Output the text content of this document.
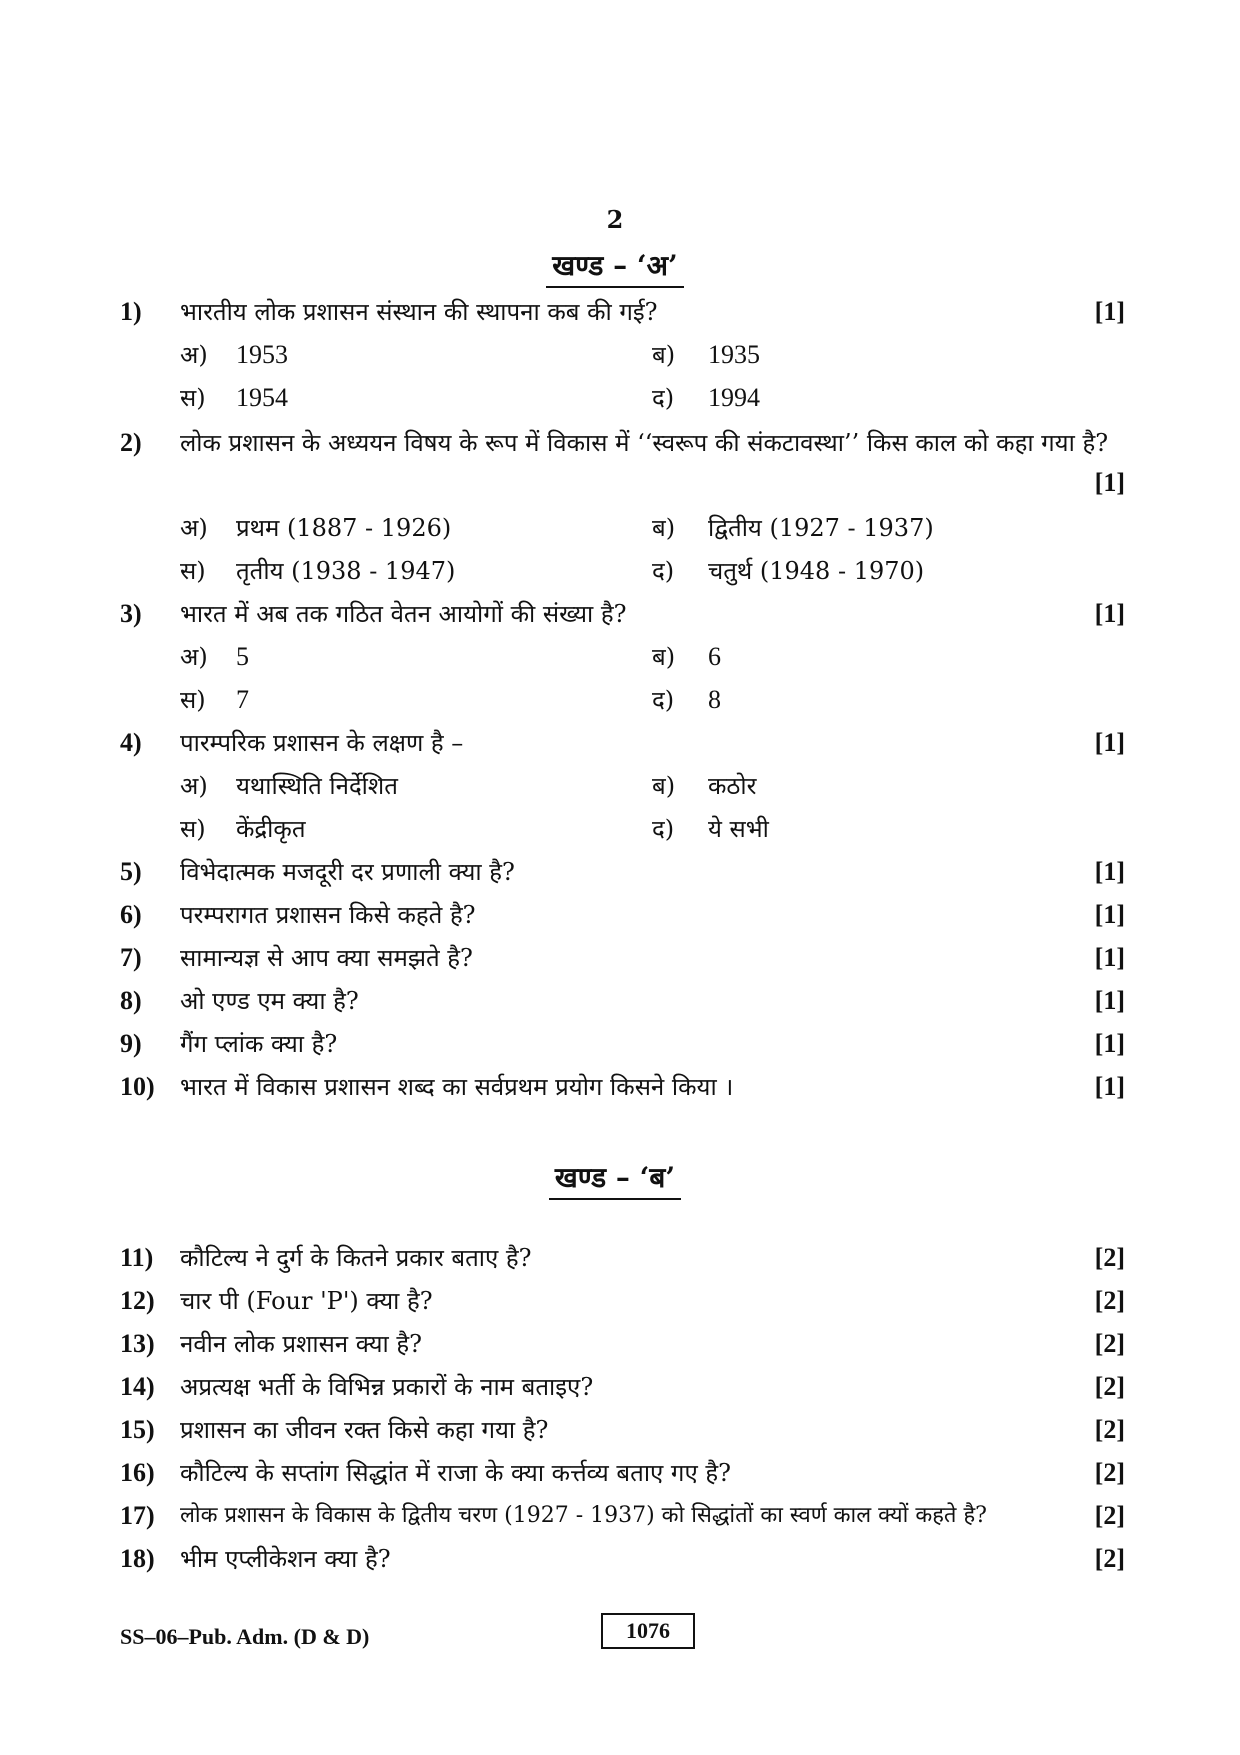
2
खण्ड – ‘अ’
1) भारतीय लोक प्रशासन संस्थान की स्थापना कब की गई?	[1]
अ) 1953	ब) 1935
स) 1954	द) 1994
2) लोक प्रशासन के अध्ययन विषय के रूप में विकास में ‘‘स्वरूप की संकटावस्था’’ किस काल को कहा गया है?
[1]
अ) प्रथम (1887 - 1926)	ब) द्वितीय (1927 - 1937)
स) तृतीय (1938 - 1947)	द) चतुर्थ (1948 - 1970)
3) भारत में अब तक गठित वेतन आयोगों की संख्या है?	[1]
अ) 5	ब) 6
स) 7	द) 8
4) पारम्परिक प्रशासन के लक्षण है –	[1]
अ) यथास्थिति निर्देशित	ब) कठोर
स) केंद्रीकृत	द) ये सभी
5) विभेदात्मक मजदूरी दर प्रणाली क्या है?	[1]
6) परम्परागत प्रशासन किसे कहते है?	[1]
7) सामान्यज्ञ से आप क्या समझते है?	[1]
8) ओ एण्ड एम क्या है?	[1]
9) गैंग प्लांक क्या है?	[1]
10) भारत में विकास प्रशासन शब्द का सर्वप्रथम प्रयोग किसने किया ।	[1]
खण्ड – ‘ब’
11) कौटिल्य ने दुर्ग के कितने प्रकार बताए है?	[2]
12) चार पी (Four 'P') क्या है?	[2]
13) नवीन लोक प्रशासन क्या है?	[2]
14) अप्रत्यक्ष भर्ती के विभिन्न प्रकारों के नाम बताइए?	[2]
15) प्रशासन का जीवन रक्त किसे कहा गया है?	[2]
16) कौटिल्य के सप्तांग सिद्धांत में राजा के क्या कर्त्तव्य बताए गए है?	[2]
17) लोक प्रशासन के विकास के द्वितीय चरण (1927 - 1937) को सिद्धांतों का स्वर्ण काल क्यों कहते है?	[2]
18) भीम एप्लीकेशन क्या है?	[2]
SS–06–Pub. Adm. (D & D)	1076
